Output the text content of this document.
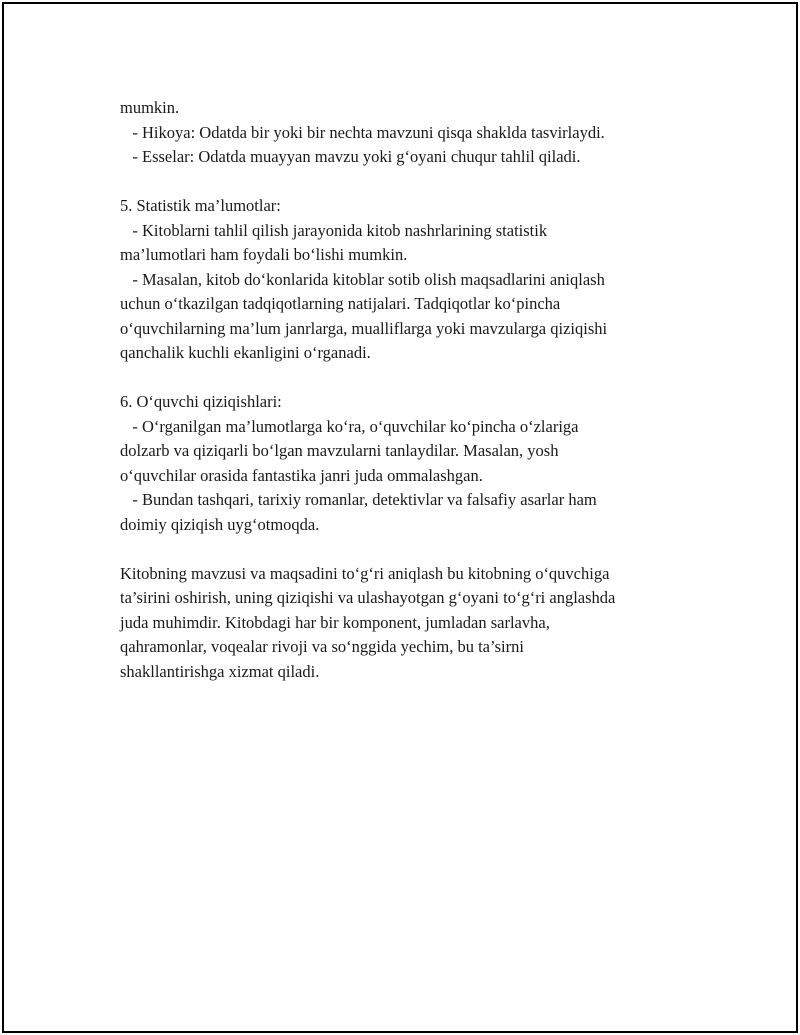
mumkin.
- Hikoya: Odatda bir yoki bir nechta mavzuni qisqa shaklda tasvirlaydi.
- Esselar: Odatda muayyan mavzu yoki g‘oyani chuqur tahlil qiladi.
5. Statistik ma’lumotlar:
- Kitoblarni tahlil qilish jarayonida kitob nashrlarining statistik
ma’lumotlari ham foydali bo‘lishi mumkin.
- Masalan, kitob do‘konlarida kitoblar sotib olish maqsadlarini aniqlash
uchun o‘tkazilgan tadqiqotlarning natijalari. Tadqiqotlar ko‘pincha
o‘quvchilarning ma’lum janrlarga, mualliflarga yoki mavzularga qiziqishi
qanchalik kuchli ekanligini o‘rganadi.
6. O‘quvchi qiziqishlari:
- O‘rganilgan ma’lumotlarga ko‘ra, o‘quvchilar ko‘pincha o‘zlariga
dolzarb va qiziqarli bo‘lgan mavzularni tanlaydilar. Masalan, yosh
o‘quvchilar orasida fantastika janri juda ommalashgan.
- Bundan tashqari, tarixiy romanlar, detektivlar va falsafiy asarlar ham
doimiy qiziqish uyg‘otmoqda.
Kitobning mavzusi va maqsadini to‘g‘ri aniqlash bu kitobning o‘quvchiga
ta’sirini oshirish, uning qiziqishi va ulashayotgan g‘oyani to‘g‘ri anglashda
juda muhimdir. Kitobdagi har bir komponent, jumladan sarlavha,
qahramonlar, voqealar rivoji va so‘nggida yechim, bu ta’sirni
shakllantirishga xizmat qiladi.
